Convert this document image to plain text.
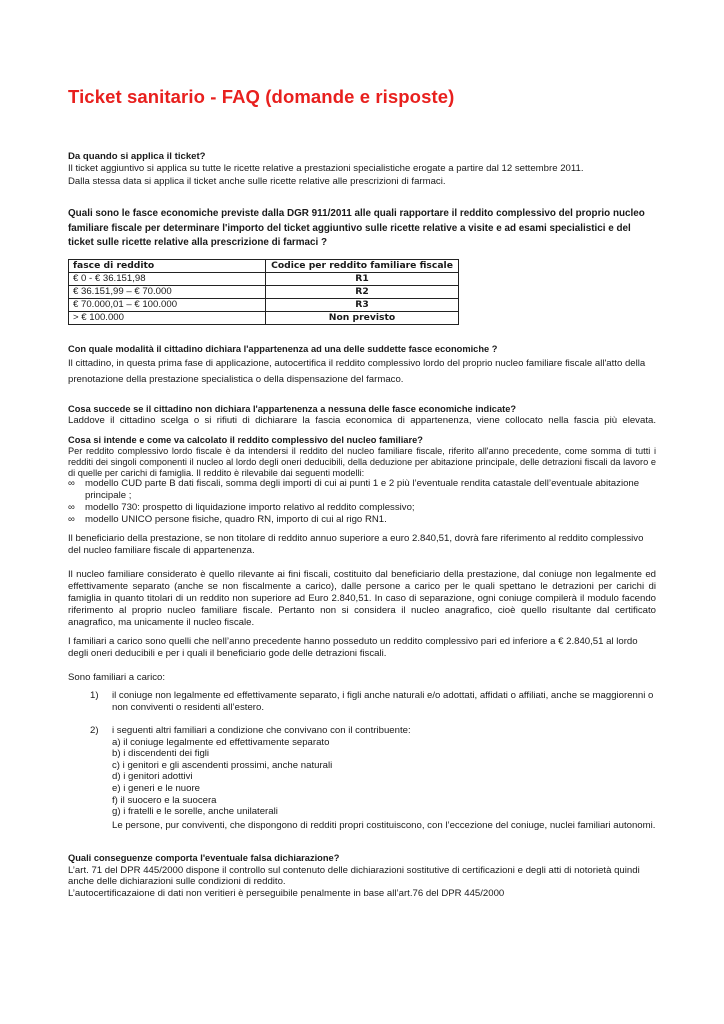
Ticket sanitario - FAQ (domande e risposte)

Da quando si applica il ticket?

Il ticket aggiuntivo si applica su tutte le ricette relative a prestazioni specialistiche erogate a partire dal 12 settembre 2011.

Dalla stessa data si applica il ticket anche sulle ricette relative alle prescrizioni di farmaci.

Quali sono le fasce economiche previste dalla DGR 911/2011 alle quali rapportare il reddito complessivo del proprio nucleo familiare fiscale per determinare l'importo del ticket aggiuntivo sulle ricette relative a visite e ad esami specialistici e del ticket sulle ricette relative alla prescrizione di farmaci ?

fasce di reddito	Codice per reddito familiare fiscale
€ 0 - € 36.151,98	R1
€ 36.151,99 – € 70.000	R2
€ 70.000,01 – € 100.000	R3
> € 100.000	Non previsto

Con quale modalità il cittadino dichiara l'appartenenza ad una delle suddette fasce economiche ?

Il cittadino, in questa prima fase di applicazione, autocertifica il reddito complessivo lordo del proprio nucleo familiare fiscale all'atto della prenotazione della prestazione specialistica o della dispensazione del farmaco.

Cosa succede se il cittadino non dichiara l'appartenenza a nessuna delle fasce economiche indicate?

Laddove il cittadino scelga o si rifiuti di dichiarare la fascia economica di appartenenza, viene collocato nella fascia più elevata.

Cosa si intende e come va calcolato il reddito complessivo del nucleo familiare?

Per reddito complessivo lordo fiscale è da intendersi il reddito del nucleo familiare fiscale, riferito all'anno precedente, come somma di tutti i redditi dei singoli componenti il nucleo al lordo degli oneri deducibili, della deduzione per abitazione principale, delle detrazioni fiscali da lavoro e di quelle per carichi di famiglia. Il reddito è rilevabile dai seguenti modelli:

∞ modello CUD parte B dati fiscali, somma degli importi di cui ai punti 1 e 2 più l’eventuale rendita catastale dell’eventuale abitazione principale ;
∞ modello 730: prospetto di liquidazione importo relativo al reddito complessivo;
∞ modello UNICO persone fisiche, quadro RN, importo di cui al rigo RN1.

Il beneficiario della prestazione, se non titolare di reddito annuo superiore a euro 2.840,51, dovrà fare riferimento al reddito complessivo del nucleo familiare fiscale di appartenenza.

Il nucleo familiare considerato è quello rilevante ai fini fiscali, costituito dal beneficiario della prestazione, dal coniuge non legalmente ed effettivamente separato (anche se non fiscalmente a carico), dalle persone a carico per le quali spettano le detrazioni per carichi di famiglia in quanto titolari di un reddito non superiore ad Euro 2.840,51. In caso di separazione, ogni coniuge compilerà il modulo facendo riferimento al proprio nucleo familiare fiscale. Pertanto non si considera il nucleo anagrafico, cioè quello risultante dal certificato anagrafico, ma unicamente il nucleo fiscale.

I familiari a carico sono quelli che nell’anno precedente hanno posseduto un reddito complessivo pari ed inferiore a € 2.840,51 al lordo degli oneri deducibili e per i quali il beneficiario gode delle detrazioni fiscali.

Sono familiari a carico:

1) il coniuge non legalmente ed effettivamente separato, i figli anche naturali e/o adottati, affidati o affiliati, anche se maggiorenni o non conviventi o residenti all’estero.
2) i seguenti altri familiari a condizione che convivano con il contribuente:

a) il coniuge legalmente ed effettivamente separato

b) i discendenti dei figli

c) i genitori e gli ascendenti prossimi, anche naturali

d) i genitori adottivi

e) i generi e le nuore

f) il suocero e la suocera

g) i fratelli e le sorelle, anche unilaterali

Le persone, pur conviventi, che dispongono di redditi propri costituiscono, con l’eccezione del coniuge, nuclei familiari autonomi.

Quali conseguenze comporta l'eventuale falsa dichiarazione?

L’art. 71 del DPR 445/2000 dispone il controllo sul contenuto delle dichiarazioni sostitutive di certificazioni e degli atti di notorietà quindi anche delle dichiarazioni sulle condizioni di reddito.

L’autocertificazaione di dati non veritieri è perseguibile penalmente in base all’art.76 del DPR 445/2000
